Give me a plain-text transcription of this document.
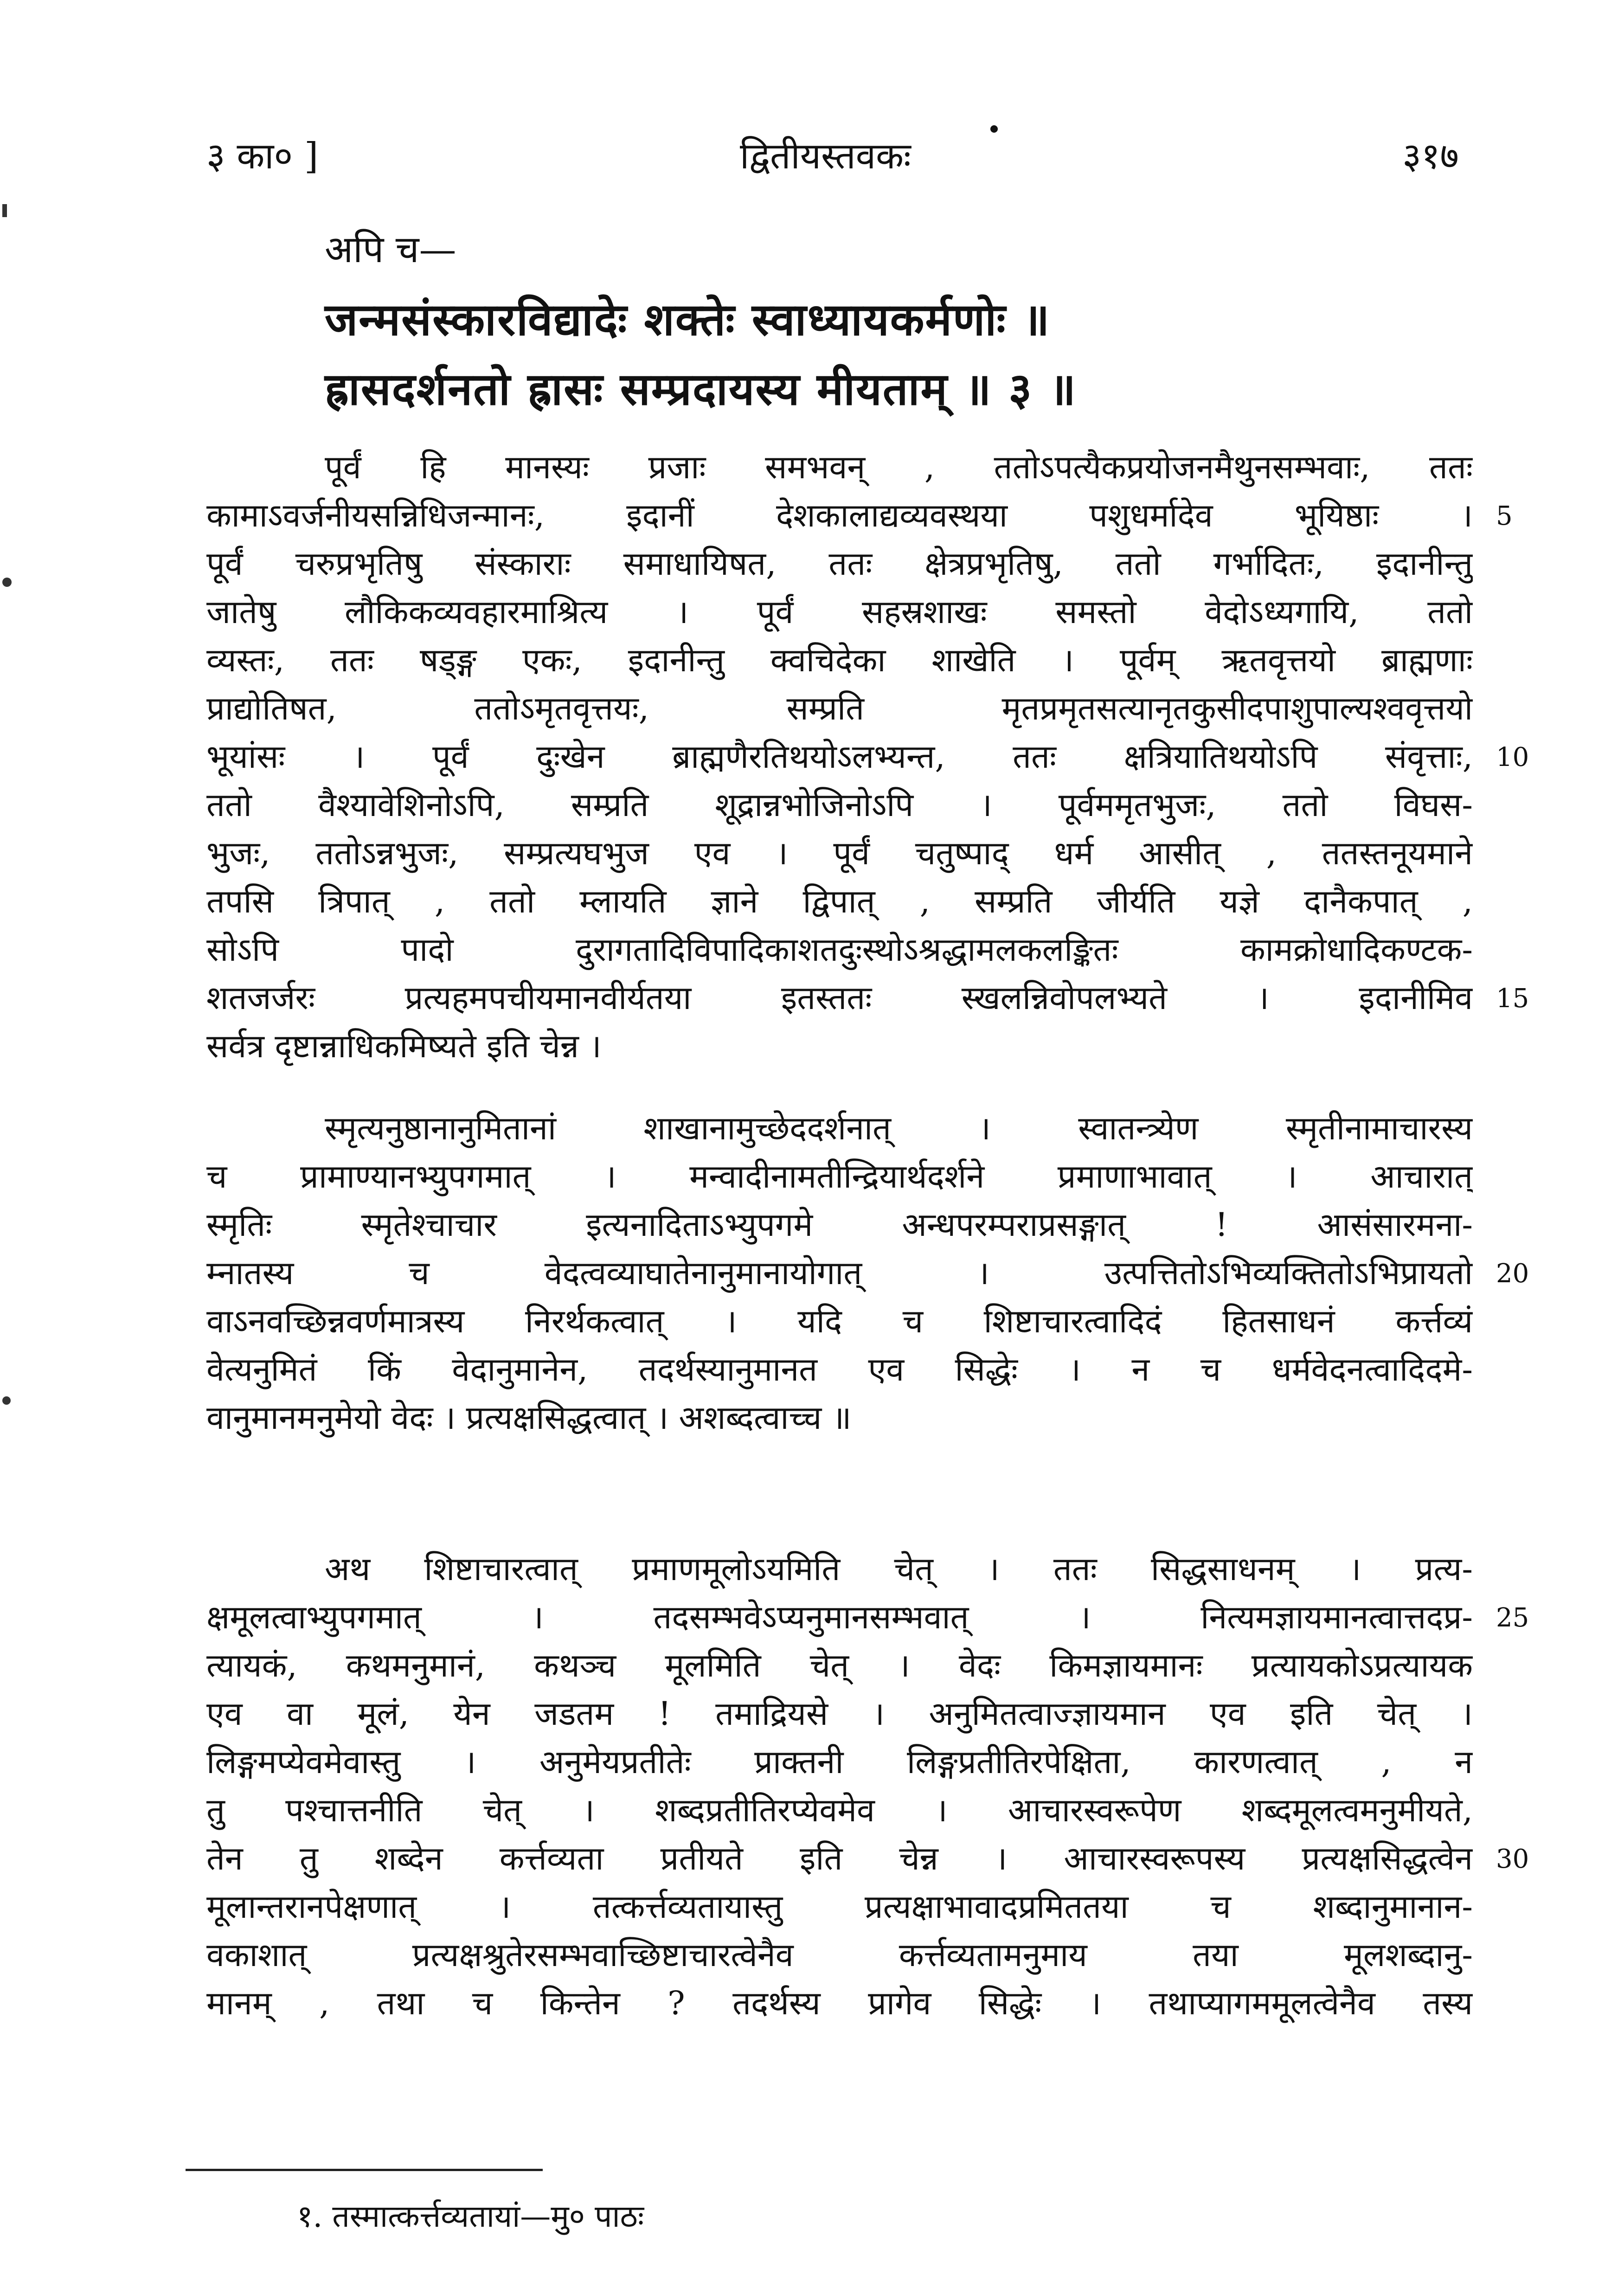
३ का० ]	द्वितीयस्तवकः	३१७
अपि च—
जन्मसंस्कारविद्यादेः शक्तेः स्वाध्यायकर्मणोः ॥
ह्रासदर्शनतो ह्रासः सम्प्रदायस्य मीयताम् ॥ ३ ॥
पूर्वं हि मानस्यः प्रजाः समभवन् , ततोऽपत्यैकप्रयोजनमैथुनसम्भवाः, ततः
कामाऽवर्जनीयसन्निधिजन्मानः, इदानीं देशकालाद्यव्यवस्थया पशुधर्मादेव भूयिष्ठाः ।
पूर्वं चरुप्रभृतिषु संस्काराः समाधायिषत, ततः क्षेत्रप्रभृतिषु, ततो गर्भादितः, इदानीन्तु
जातेषु लौकिकव्यवहारमाश्रित्य । पूर्वं सहस्रशाखः समस्तो वेदोऽध्यगायि, ततो
व्यस्तः, ततः षड्ङ्ग एकः, इदानीन्तु क्वचिदेका शाखेति । पूर्वम् ऋतवृत्तयो ब्राह्मणाः
प्राद्योतिषत, ततोऽमृतवृत्तयः, सम्प्रति मृतप्रमृतसत्यानृतकुसीदपाशुपाल्यश्ववृत्तयो
भूयांसः । पूर्वं दुःखेन ब्राह्मणैरतिथयोऽलभ्यन्त, ततः क्षत्रियातिथयोऽपि संवृत्ताः,
ततो वैश्यावेशिनोऽपि, सम्प्रति शूद्रान्नभोजिनोऽपि । पूर्वममृतभुजः, ततो विघस-
भुजः, ततोऽन्नभुजः, सम्प्रत्यघभुज एव । पूर्वं चतुष्पाद् धर्म आसीत् , ततस्तनूयमाने
तपसि त्रिपात् , ततो म्लायति ज्ञाने द्विपात् , सम्प्रति जीर्यति यज्ञे दानैकपात् ,
सोऽपि पादो दुरागतादिविपादिकाशतदुःस्थोऽश्रद्धामलकलङ्कितः कामक्रोधादिकण्टक-
शतजर्जरः प्रत्यहमपचीयमानवीर्यतया इतस्ततः स्खलन्निवोपलभ्यते । इदानीमिव
सर्वत्र दृष्टान्नाधिकमिष्यते इति चेन्न ।
स्मृत्यनुष्ठानानुमितानां शाखानामुच्छेददर्शनात् । स्वातन्त्र्येण स्मृतीनामाचारस्य
च प्रामाण्यानभ्युपगमात् । मन्वादीनामतीन्द्रियार्थदर्शने प्रमाणाभावात् । आचारात्
स्मृतिः स्मृतेश्चाचार इत्यनादिताऽभ्युपगमे अन्धपरम्पराप्रसङ्गात् ! आसंसारमना-
म्नातस्य च वेदत्वव्याघातेनानुमानायोगात् । उत्पत्तितोऽभिव्यक्तितोऽभिप्रायतो
वाऽनवच्छिन्नवर्णमात्रस्य निरर्थकत्वात् । यदि च शिष्टाचारत्वादिदं हितसाधनं कर्त्तव्यं
वेत्यनुमितं किं वेदानुमानेन, तदर्थस्यानुमानत एव सिद्धेः । न च धर्मवेदनत्वादिदमे-
वानुमानमनुमेयो वेदः । प्रत्यक्षसिद्धत्वात् । अशब्दत्वाच्च ॥
अथ शिष्टाचारत्वात् प्रमाणमूलोऽयमिति चेत् । ततः सिद्धसाधनम् । प्रत्य-
क्षमूलत्वाभ्युपगमात् । तदसम्भवेऽप्यनुमानसम्भवात् । नित्यमज्ञायमानत्वात्तदप्र-
त्यायकं, कथमनुमानं, कथञ्च मूलमिति चेत् । वेदः किमज्ञायमानः प्रत्यायकोऽप्रत्यायक
एव वा मूलं, येन जडतम ! तमाद्रियसे । अनुमितत्वाज्ज्ञायमान एव इति चेत् ।
लिङ्गमप्येवमेवास्तु । अनुमेयप्रतीतेः प्राक्तनी लिङ्गप्रतीतिरपेक्षिता, कारणत्वात् , न
तु पश्चात्तनीति चेत् । शब्दप्रतीतिरप्येवमेव । आचारस्वरूपेण शब्दमूलत्वमनुमीयते,
तेन तु शब्देन कर्त्तव्यता प्रतीयते इति चेन्न । आचारस्वरूपस्य प्रत्यक्षसिद्धत्वेन
मूलान्तरानपेक्षणात् । तत्कर्त्तव्यतायास्तु प्रत्यक्षाभावादप्रमिततया च शब्दानुमानान-
वकाशात् प्रत्यक्षश्रुतेरसम्भवाच्छिष्टाचारत्वेनैव कर्त्तव्यतामनुमाय तया मूलशब्दानु-
मानम् , तथा च किन्तेन ? तदर्थस्य प्रागेव सिद्धेः । तथाप्यागममूलत्वेनैव तस्य
5
10
15
20
25
30
१. तस्मात्कर्त्तव्यतायां—मु० पाठः
